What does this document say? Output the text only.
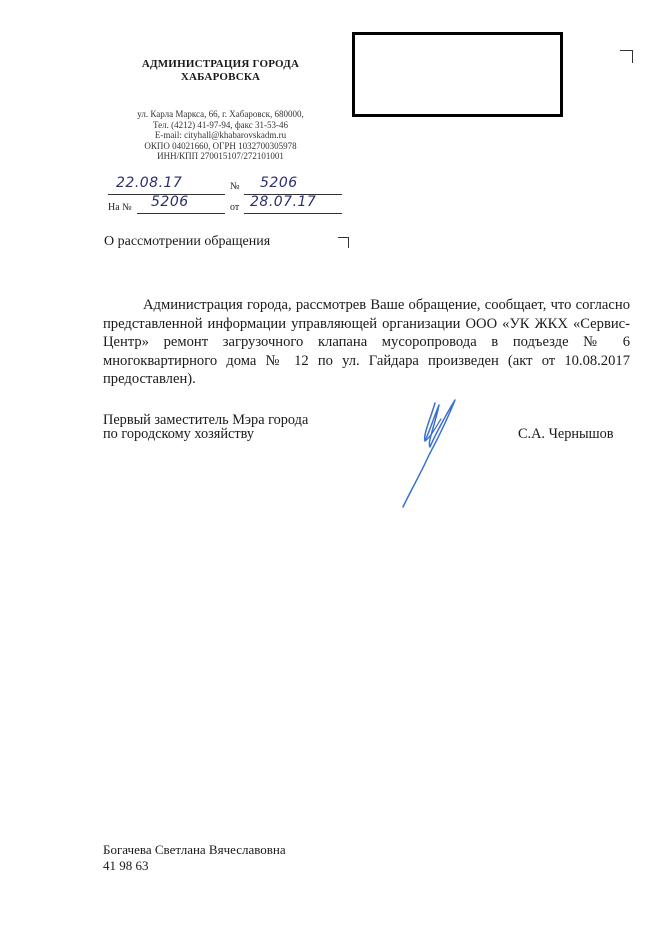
АДМИНИСТРАЦИЯ ГОРОДА
ХАБАРОВСКА
ул. Карла Маркса, 66, г. Хабаровск, 680000,
Тел. (4212) 41-97-94, факс 31-53-46
E-mail: cityhall@khabarovskadm.ru
ОКПО 04021660, ОГРН 1032700305978
ИНН/КПП 270015107/272101001
22.08.17	№ 5206
На № 5206	от 28.07.17
О рассмотрении обращения

Администрация города, рассмотрев Ваше обращение, сообщает, что согласно представленной информации управляющей организации ООО «УК ЖКХ «Сервис-Центр» ремонт загрузочного клапана мусоропровода в подъезде № 6 многоквартирного дома № 12 по ул. Гайдара произведен (акт от 10.08.2017 предоставлен).

Первый заместитель Мэра города
по городскому хозяйству	С.А. Чернышов
Богачева Светлана Вячеславовна
41 98 63
